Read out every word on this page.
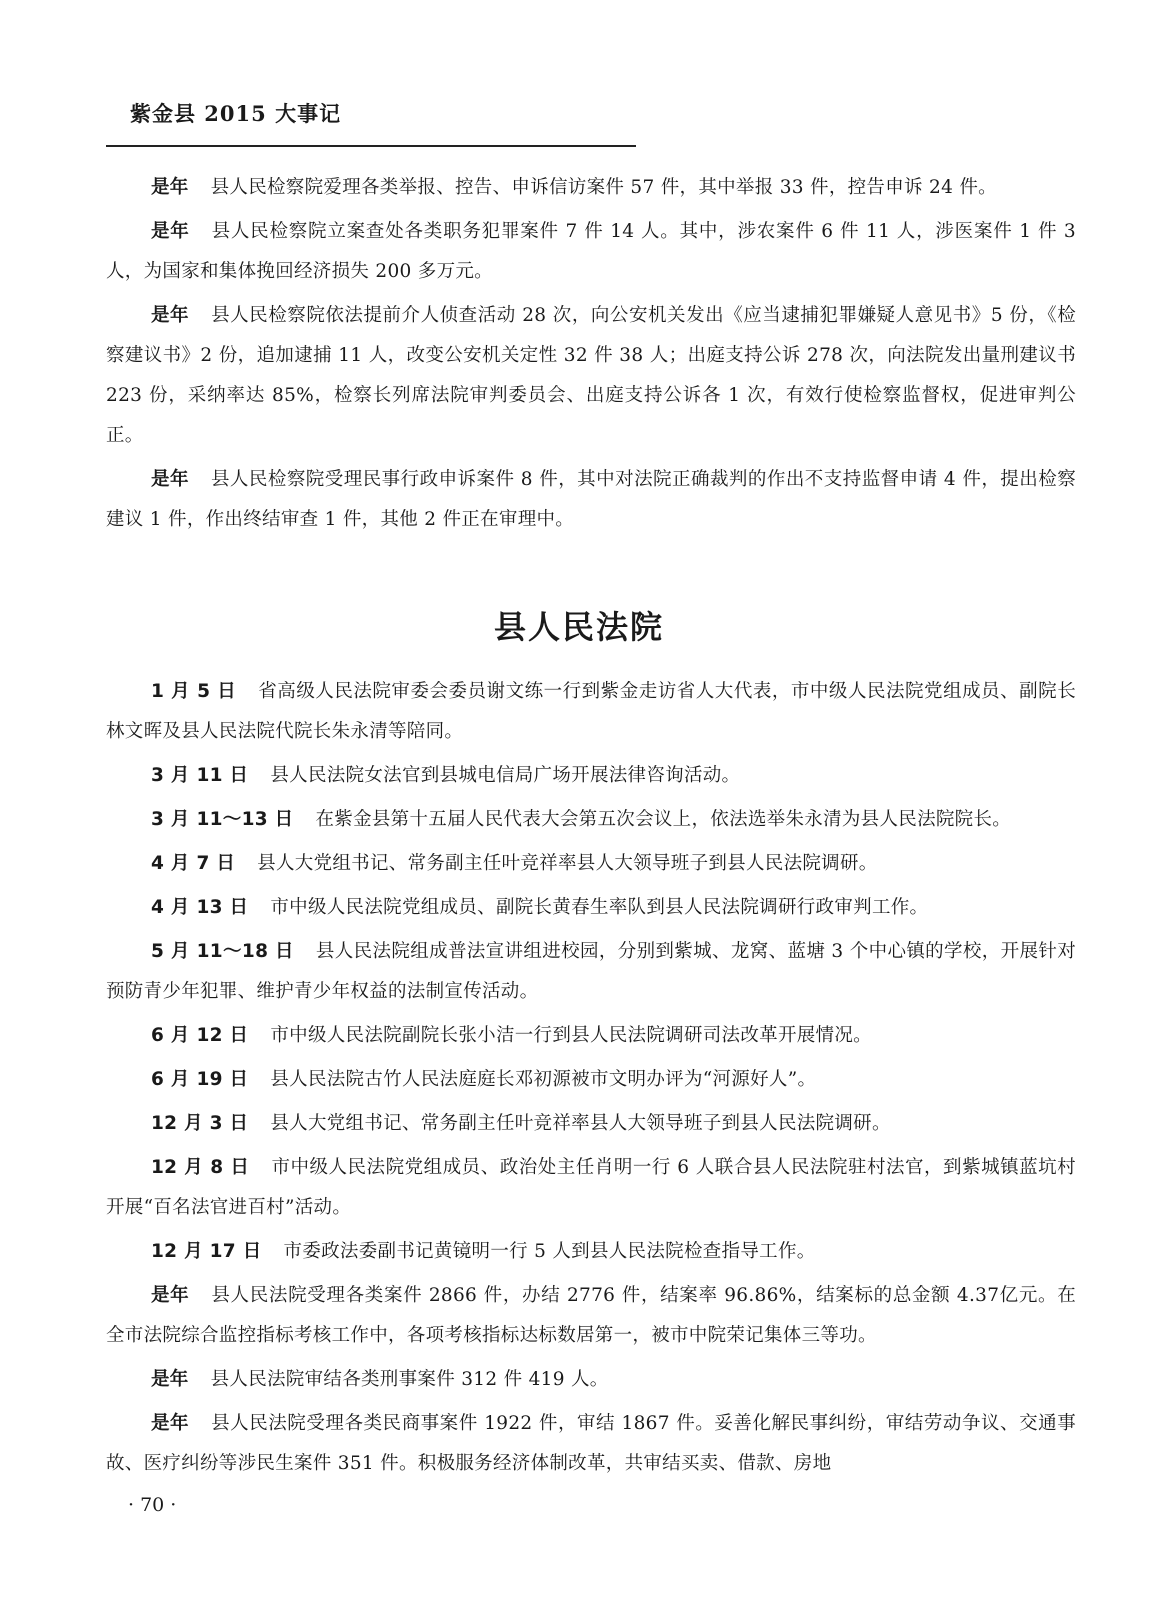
紫金县 2015 大事记

是年 县人民检察院爱理各类举报、控告、申诉信访案件 57 件，其中举报 33 件，控告申诉 24 件。

是年 县人民检察院立案查处各类职务犯罪案件 7 件 14 人。其中，涉农案件 6 件 11 人，涉医案件 1 件 3 人，为国家和集体挽回经济损失 200 多万元。

是年 县人民检察院依法提前介人侦查活动 28 次，向公安机关发出《应当逮捕犯罪嫌疑人意见书》5 份，《检察建议书》2 份，追加逮捕 11 人，改变公安机关定性 32 件 38 人；出庭支持公诉 278 次，向法院发出量刑建议书 223 份，采纳率达 85%，检察长列席法院审判委员会、出庭支持公诉各 1 次，有效行使检察监督权，促进审判公正。

是年 县人民检察院受理民事行政申诉案件 8 件，其中对法院正确裁判的作出不支持监督申请 4 件，提出检察建议 1 件，作出终结审查 1 件，其他 2 件正在审理中。

县人民法院

1 月 5 日 省高级人民法院审委会委员谢文练一行到紫金走访省人大代表，市中级人民法院党组成员、副院长林文晖及县人民法院代院长朱永清等陪同。

3 月 11 日 县人民法院女法官到县城电信局广场开展法律咨询活动。

3 月 11～13 日 在紫金县第十五届人民代表大会第五次会议上，依法选举朱永清为县人民法院院长。

4 月 7 日 县人大党组书记、常务副主任叶竞祥率县人大领导班子到县人民法院调研。

4 月 13 日 市中级人民法院党组成员、副院长黄春生率队到县人民法院调研行政审判工作。

5 月 11～18 日 县人民法院组成普法宣讲组进校园，分别到紫城、龙窝、蓝塘 3 个中心镇的学校，开展针对预防青少年犯罪、维护青少年权益的法制宣传活动。

6 月 12 日 市中级人民法院副院长张小洁一行到县人民法院调研司法改革开展情况。

6 月 19 日 县人民法院古竹人民法庭庭长邓初源被市文明办评为“河源好人”。

12 月 3 日 县人大党组书记、常务副主任叶竞祥率县人大领导班子到县人民法院调研。

12 月 8 日 市中级人民法院党组成员、政治处主任肖明一行 6 人联合县人民法院驻村法官，到紫城镇蓝坑村开展“百名法官进百村”活动。

12 月 17 日 市委政法委副书记黄镜明一行 5 人到县人民法院检查指导工作。

是年 县人民法院受理各类案件 2866 件，办结 2776 件，结案率 96.86%，结案标的总金额 4.37亿元。在全市法院综合监控指标考核工作中，各项考核指标达标数居第一，被市中院荣记集体三等功。

是年 县人民法院审结各类刑事案件 312 件 419 人。

是年 县人民法院受理各类民商事案件 1922 件，审结 1867 件。妥善化解民事纠纷，审结劳动争议、交通事故、医疗纠纷等涉民生案件 351 件。积极服务经济体制改革，共审结买卖、借款、房地

· 70 ·
